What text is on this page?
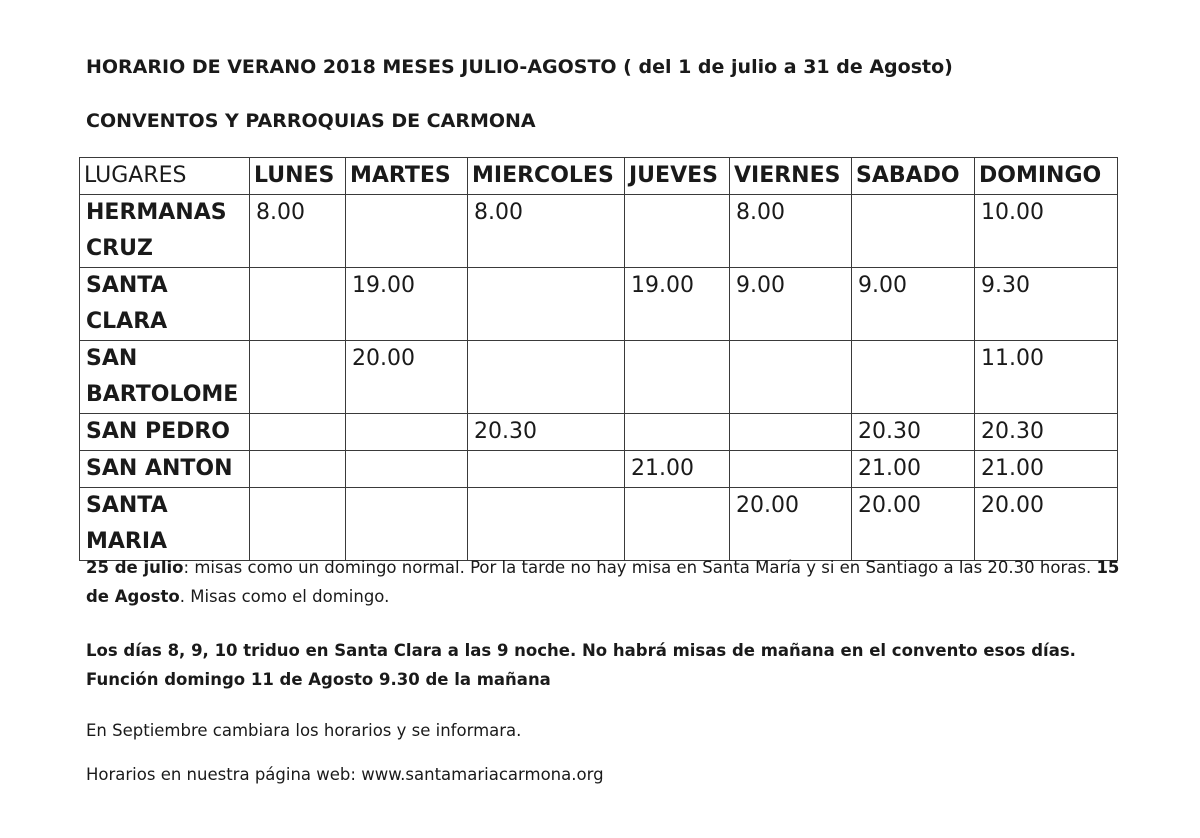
HORARIO DE VERANO 2018 MESES JULIO-AGOSTO ( del 1 de julio a 31 de Agosto)
CONVENTOS Y PARROQUIAS DE CARMONA
LUGARES	LUNES	MARTES	MIERCOLES	JUEVES	VIERNES	SABADO	DOMINGO
HERMANAS CRUZ	8.00		8.00		8.00		10.00
SANTA CLARA		19.00		19.00	9.00	9.00	9.30
SAN BARTOLOME		20.00					11.00
SAN PEDRO			20.30			20.30	20.30
SAN ANTON				21.00		21.00	21.00
SANTA MARIA					20.00	20.00	20.00
25 de julio: misas como un domingo normal. Por la tarde no hay misa en Santa María y si en Santiago a las 20.30 horas. 15 de Agosto. Misas como el domingo.
Los días 8, 9, 10 triduo en Santa Clara a las 9 noche. No habrá misas de mañana en el convento esos días.
Función domingo 11 de Agosto 9.30 de la mañana
En Septiembre cambiara los horarios y se informara.
Horarios en nuestra página web: www.santamariacarmona.org
